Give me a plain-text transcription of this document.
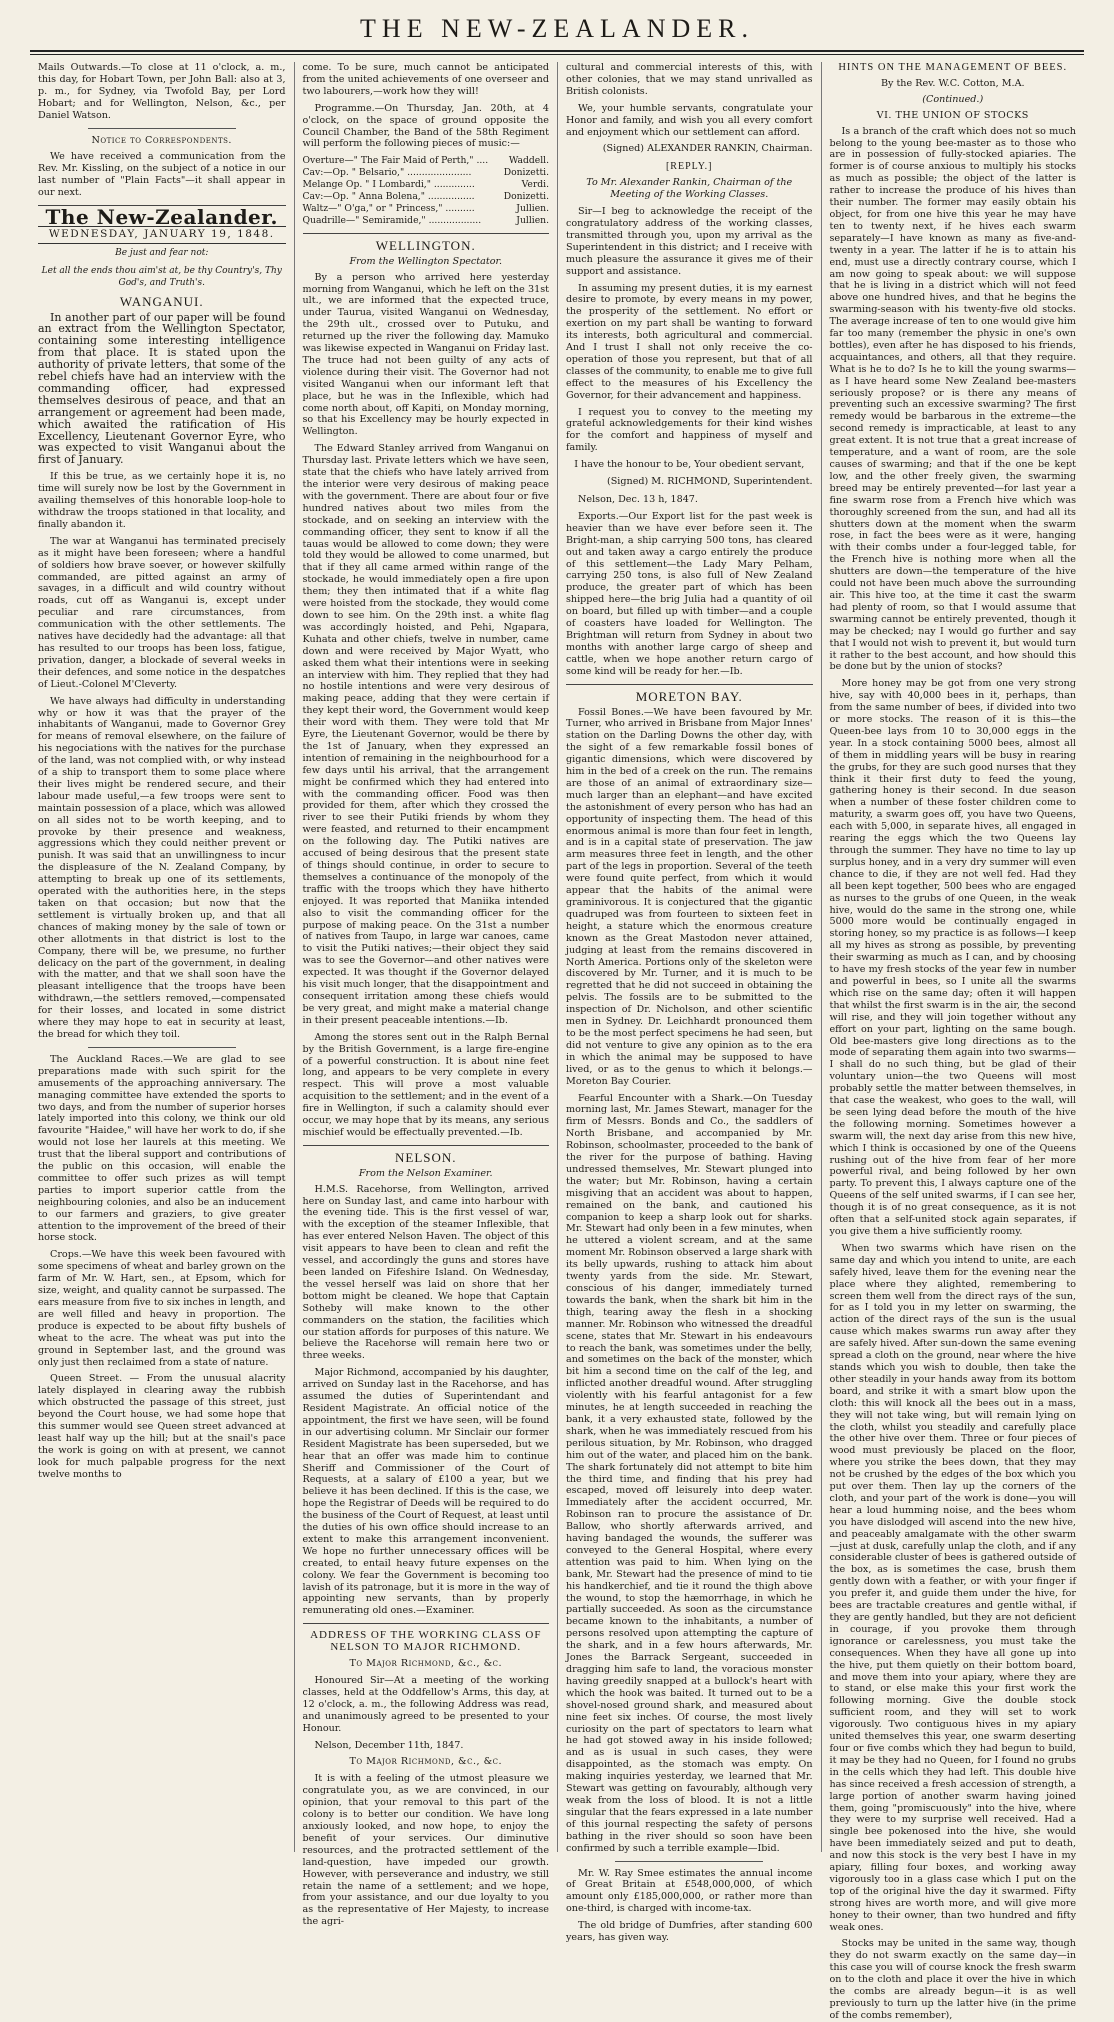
THE NEW-ZEALANDER.

Mails Outwards.—To close at 11 o'clock, a. m., this day, for Hobart Town, per John Ball: also at 3, p. m., for Sydney, via Twofold Bay, per Lord Hobart; and for Wellington, Nelson, &c., per Daniel Watson.

Notice to Correspondents.

We have received a communication from the Rev. Mr. Kissling, on the subject of a notice in our last number of "Plain Facts"—it shall appear in our next.

The New-Zealander.
WEDNESDAY, JANUARY 19, 1848.
Be just and fear not:
Let all the ends thou aim'st at, be thy Country's, Thy God's, and Truth's.
WANGANUI.

In another part of our paper will be found an extract from the Wellington Spectator, containing some interesting intelligence from that place. It is stated upon the authority of private letters, that some of the rebel chiefs have had an interview with the commanding officer, had expressed themselves desirous of peace, and that an arrangement or agreement had been made, which awaited the ratification of His Excellency, Lieutenant Governor Eyre, who was expected to visit Wanganui about the first of January.

If this be true, as we certainly hope it is, no time will surely now be lost by the Government in availing themselves of this honorable loop-hole to withdraw the troops stationed in that locality, and finally abandon it.

The war at Wanganui has terminated precisely as it might have been foreseen; where a handful of soldiers how brave soever, or however skilfully commanded, are pitted against an army of savages, in a difficult and wild country without roads, cut off as Wanganui is, except under peculiar and rare circumstances, from communication with the other settlements. The natives have decidedly had the advantage: all that has resulted to our troops has been loss, fatigue, privation, danger, a blockade of several weeks in their defences, and some notice in the despatches of Lieut.-Colonel M'Cleverty.

We have always had difficulty in understanding why or how it was that the prayer of the inhabitants of Wanganui, made to Governor Grey for means of removal elsewhere, on the failure of his negociations with the natives for the purchase of the land, was not complied with, or why instead of a ship to transport them to some place where their lives might be rendered secure, and their labour made useful,—a few troops were sent to maintain possession of a place, which was allowed on all sides not to be worth keeping, and to provoke by their presence and weakness, aggressions which they could neither prevent or punish. It was said that an unwillingness to incur the displeasure of the N. Zealand Company, by attempting to break up one of its settlements, operated with the authorities here, in the steps taken on that occasion; but now that the settlement is virtually broken up, and that all chances of making money by the sale of town or other allotments in that district is lost to the Company, there will be, we presume, no further delicacy on the part of the government, in dealing with the matter, and that we shall soon have the pleasant intelligence that the troops have been withdrawn,—the settlers removed,—compensated for their losses, and located in some district where they may hope to eat in security at least, the bread for which they toil.

The Auckland Races.—We are glad to see preparations made with such spirit for the amusements of the approaching anniversary. The managing committee have extended the sports to two days, and from the number of superior horses lately imported into this colony, we think our old favourite "Haidee," will have her work to do, if she would not lose her laurels at this meeting. We trust that the liberal support and contributions of the public on this occasion, will enable the committee to offer such prizes as will tempt parties to import superior cattle from the neighbouring colonies, and also be an inducement to our farmers and graziers, to give greater attention to the improvement of the breed of their horse stock.

Crops.—We have this week been favoured with some specimens of wheat and barley grown on the farm of Mr. W. Hart, sen., at Epsom, which for size, weight, and quality cannot be surpassed. The ears measure from five to six inches in length, and are well filled and heavy in proportion. The produce is expected to be about fifty bushels of wheat to the acre. The wheat was put into the ground in September last, and the ground was only just then reclaimed from a state of nature.

Queen Street. — From the unusual alacrity lately displayed in clearing away the rubbish which obstructed the passage of this street, just beyond the Court house, we had some hope that this summer would see Queen street advanced at least half way up the hill; but at the snail's pace the work is going on with at present, we cannot look for much palpable progress for the next twelve months to

come. To be sure, much cannot be anticipated from the united achievements of one overseer and two labourers,—work how they will!

Programme.—On Thursday, Jan. 20th, at 4 o'clock, on the space of ground opposite the Council Chamber, the Band of the 58th Regiment will perform the following pieces of music:—

Overture—" The Fair Maid of Perth," .... Waddell.
Cav:—Op. " Belsario," ......................	Donizetti.
Melange Op. " I Lombardi," ..............	Verdi.
Cav:—Op. " Anna Bolena," ................	Donizetti.
Waltz—" O'ga," or " Princess," ..........	Jullien.
Quadrille—" Semiramide," ..................	Jullien.
WELLINGTON.
From the Wellington Spectator.

By a person who arrived here yesterday morning from Wanganui, which he left on the 31st ult., we are informed that the expected truce, under Taurua, visited Wanganui on Wednesday, the 29th ult., crossed over to Putuku, and returned up the river the following day. Mamuko was likewise expected in Wanganui on Friday last. The truce had not been guilty of any acts of violence during their visit. The Governor had not visited Wanganui when our informant left that place, but he was in the Inflexible, which had come north about, off Kapiti, on Monday morning, so that his Excellency may be hourly expected in Wellington.

The Edward Stanley arrived from Wanganui on Thursday last. Private letters which we have seen, state that the chiefs who have lately arrived from the interior were very desirous of making peace with the government. There are about four or five hundred natives about two miles from the stockade, and on seeking an interview with the commanding officer, they sent to know if all the tauas would be allowed to come down; they were told they would be allowed to come unarmed, but that if they all came armed within range of the stockade, he would immediately open a fire upon them; they then intimated that if a white flag were hoisted from the stockade, they would come down to see him. On the 29th inst. a white flag was accordingly hoisted, and Pehi, Ngapara, Kuhata and other chiefs, twelve in number, came down and were received by Major Wyatt, who asked them what their intentions were in seeking an interview with him. They replied that they had no hostile intentions and were very desirous of making peace, adding that they were certain if they kept their word, the Government would keep their word with them. They were told that Mr Eyre, the Lieutenant Governor, would be there by the 1st of January, when they expressed an intention of remaining in the neighbourhood for a few days until his arrival, that the arrangement might be confirmed which they had entered into with the commanding officer. Food was then provided for them, after which they crossed the river to see their Putiki friends by whom they were feasted, and returned to their encampment on the following day. The Putiki natives are accused of being desirous that the present state of things should continue, in order to secure to themselves a continuance of the monopoly of the traffic with the troops which they have hitherto enjoyed. It was reported that Maniika intended also to visit the commanding officer for the purpose of making peace. On the 31st a number of natives from Taupo, in large war canoes, came to visit the Putiki natives;—their object they said was to see the Governor—and other natives were expected. It was thought if the Governor delayed his visit much longer, that the disappointment and consequent irritation among these chiefs would be very great, and might make a material change in their present peaceable intentions.—Ib.

Among the stores sent out in the Ralph Bernal by the British Government, is a large fire-engine of a powerful construction. It is about nine feet long, and appears to be very complete in every respect. This will prove a most valuable acquisition to the settlement; and in the event of a fire in Wellington, if such a calamity should ever occur, we may hope that by its means, any serious mischief would be effectually prevented.—Ib.

NELSON.
From the Nelson Examiner.

H.M.S. Racehorse, from Wellington, arrived here on Sunday last, and came into harbour with the evening tide. This is the first vessel of war, with the exception of the steamer Inflexible, that has ever entered Nelson Haven. The object of this visit appears to have been to clean and refit the vessel, and accordingly the guns and stores have been landed on Fifeshire Island. On Wednesday, the vessel herself was laid on shore that her bottom might be cleaned. We hope that Captain Sotheby will make known to the other commanders on the station, the facilities which our station affords for purposes of this nature. We believe the Racehorse will remain here two or three weeks.

Major Richmond, accompanied by his daughter, arrived on Sunday last in the Racehorse, and has assumed the duties of Superintendant and Resident Magistrate. An official notice of the appointment, the first we have seen, will be found in our advertising column. Mr Sinclair our former Resident Magistrate has been superseded, but we hear that an offer was made him to continue Sheriff and Commissioner of the Court of Requests, at a salary of £100 a year, but we believe it has been declined. If this is the case, we hope the Registrar of Deeds will be required to do the business of the Court of Request, at least until the duties of his own office should increase to an extent to make this arrangement inconvenient. We hope no further unnecessary offices will be created, to entail heavy future expenses on the colony. We fear the Government is becoming too lavish of its patronage, but it is more in the way of appointing new servants, than by properly remunerating old ones.—Examiner.

ADDRESS OF THE WORKING CLASS OF NELSON TO MAJOR RICHMOND.

To Major Richmond, &c., &c.

Honoured Sir—At a meeting of the working classes, held at the Oddfellow's Arms, this day, at 12 o'clock, a. m., the following Address was read, and unanimously agreed to be presented to your Honour.

Nelson, December 11th, 1847.

To Major Richmond, &c., &c.

It is with a feeling of the utmost pleasure we congratulate you, as we are convinced, in our opinion, that your removal to this part of the colony is to better our condition. We have long anxiously looked, and now hope, to enjoy the benefit of your services. Our diminutive resources, and the protracted settlement of the land-question, have impeded our growth. However, with perseverance and industry, we still retain the name of a settlement; and we hope, from your assistance, and our due loyalty to you as the representative of Her Majesty, to increase the agri-

cultural and commercial interests of this, with other colonies, that we may stand unrivalled as British colonists.

We, your humble servants, congratulate your Honor and family, and wish you all every comfort and enjoyment which our settlement can afford.

(Signed) ALEXANDER RANKIN, Chairman.
[REPLY.]

To Mr. Alexander Rankin, Chairman of the Meeting of the Working Classes.

Sir—I beg to acknowledge the receipt of the congratulatory address of the working classes, transmitted through you, upon my arrival as the Superintendent in this district; and I receive with much pleasure the assurance it gives me of their support and assistance.

In assuming my present duties, it is my earnest desire to promote, by every means in my power, the prosperity of the settlement. No effort or exertion on my part shall be wanting to forward its interests, both agricultural and commercial. And I trust I shall not only receive the co-operation of those you represent, but that of all classes of the community, to enable me to give full effect to the measures of his Excellency the Governor, for their advancement and happiness.

I request you to convey to the meeting my grateful acknowledgements for their kind wishes for the comfort and happiness of myself and family.

I have the honour to be, Your obedient servant,

(Signed) M. RICHMOND, Superintendent.

Nelson, Dec. 13 h, 1847.

Exports.—Our Export list for the past week is heavier than we have ever before seen it. The Bright-man, a ship carrying 500 tons, has cleared out and taken away a cargo entirely the produce of this settlement—the Lady Mary Pelham, carrying 250 tons, is also full of New Zealand produce, the greater part of which has been shipped here—the brig Julia had a quantity of oil on board, but filled up with timber—and a couple of coasters have loaded for Wellington. The Brightman will return from Sydney in about two months with another large cargo of sheep and cattle, when we hope another return cargo of some kind will be ready for her.—Ib.

MORETON BAY.

Fossil Bones.—We have been favoured by Mr. Turner, who arrived in Brisbane from Major Innes' station on the Darling Downs the other day, with the sight of a few remarkable fossil bones of gigantic dimensions, which were discovered by him in the bed of a creek on the run. The remains are those of an animal of extraordinary size—much larger than an elephant—and have excited the astonishment of every person who has had an opportunity of inspecting them. The head of this enormous animal is more than four feet in length, and is in a capital state of preservation. The jaw arm measures three feet in length, and the other part of the legs in proportion. Several of the teeth were found quite perfect, from which it would appear that the habits of the animal were graminivorous. It is conjectured that the gigantic quadruped was from fourteen to sixteen feet in height, a stature which the enormous creature known as the Great Mastodon never attained, judging at least from the remains discovered in North America. Portions only of the skeleton were discovered by Mr. Turner, and it is much to be regretted that he did not succeed in obtaining the pelvis. The fossils are to be submitted to the inspection of Dr. Nicholson, and other scientific men in Sydney. Dr. Leichhardt pronounced them to be the most perfect specimens he had seen, but did not venture to give any opinion as to the era in which the animal may be supposed to have lived, or as to the genus to which it belongs.—Moreton Bay Courier.

Fearful Encounter with a Shark.—On Tuesday morning last, Mr. James Stewart, manager for the firm of Messrs. Bonds and Co., the saddlers of North Brisbane, and accompanied by Mr. Robinson, schoolmaster, proceeded to the bank of the river for the purpose of bathing. Having undressed themselves, Mr. Stewart plunged into the water; but Mr. Robinson, having a certain misgiving that an accident was about to happen, remained on the bank, and cautioned his companion to keep a sharp look out for sharks. Mr. Stewart had only been in a few minutes, when he uttered a violent scream, and at the same moment Mr. Robinson observed a large shark with its belly upwards, rushing to attack him about twenty yards from the side. Mr. Stewart, conscious of his danger, immediately turned towards the bank, when the shark bit him in the thigh, tearing away the flesh in a shocking manner. Mr. Robinson who witnessed the dreadful scene, states that Mr. Stewart in his endeavours to reach the bank, was sometimes under the belly, and sometimes on the back of the monster, which bit him a second time on the calf of the leg, and inflicted another dreadful wound. After struggling violently with his fearful antagonist for a few minutes, he at length succeeded in reaching the bank, it a very exhausted state, followed by the shark, when he was immediately rescued from his perilous situation, by Mr. Robinson, who dragged him out of the water, and placed him on the bank. The shark fortunately did not attempt to bite him the third time, and finding that his prey had escaped, moved off leisurely into deep water. Immediately after the accident occurred, Mr. Robinson ran to procure the assistance of Dr. Ballow, who shortly afterwards arrived, and having bandaged the wounds, the sufferer was conveyed to the General Hospital, where every attention was paid to him. When lying on the bank, Mr. Stewart had the presence of mind to tie his handkerchief, and tie it round the thigh above the wound, to stop the hæmorrhage, in which he partially succeeded. As soon as the circumstance became known to the inhabitants, a number of persons resolved upon attempting the capture of the shark, and in a few hours afterwards, Mr. Jones the Barrack Sergeant, succeeded in dragging him safe to land, the voracious monster having greedily snapped at a bullock's heart with which the hook was baited. It turned out to be a shovel-nosed ground shark, and measured about nine feet six inches. Of course, the most lively curiosity on the part of spectators to learn what he had got stowed away in his inside followed; and as is usual in such cases, they were disappointed, as the stomach was empty. On making inquiries yesterday, we learned that Mr. Stewart was getting on favourably, although very weak from the loss of blood. It is not a little singular that the fears expressed in a late number of this journal respecting the safety of persons bathing in the river should so soon have been confirmed by such a terrible example—Ibid.

Mr. W. Ray Smee estimates the annual income of Great Britain at £548,000,000, of which amount only £185,000,000, or rather more than one-third, is charged with income-tax.

The old bridge of Dumfries, after standing 600 years, has given way.

HINTS ON THE MANAGEMENT OF BEES.
By the Rev. W.C. Cotton, M.A.
(Continued.)
VI. THE UNION OF STOCKS

Is a branch of the craft which does not so much belong to the young bee-master as to those who are in possession of fully-stocked apiaries. The former is of course anxious to multiply his stocks as much as possible; the object of the latter is rather to increase the produce of his hives than their number. The former may easily obtain his object, for from one hive this year he may have ten to twenty next, if he hives each swarm separately—I have known as many as five-and-twenty in a year. The latter if he is to attain his end, must use a directly contrary course, which I am now going to speak about: we will suppose that he is living in a district which will not feed above one hundred hives, and that he begins the swarming-season with his twenty-five old stocks. The average increase of ten to one would give him far too many (remember the physic in one's own bottles), even after he has disposed to his friends, acquaintances, and others, all that they require. What is he to do? Is he to kill the young swarms—as I have heard some New Zealand bee-masters seriously propose? or is there any means of preventing such an excessive swarming? The first remedy would be barbarous in the extreme—the second remedy is impracticable, at least to any great extent. It is not true that a great increase of temperature, and a want of room, are the sole causes of swarming; and that if the one be kept low, and the other freely given, the swarming breed may be entirely prevented—for last year a fine swarm rose from a French hive which was thoroughly screened from the sun, and had all its shutters down at the moment when the swarm rose, in fact the bees were as it were, hanging with their combs under a four-legged table, for the French hive is nothing more when all the shutters are down—the temperature of the hive could not have been much above the surrounding air. This hive too, at the time it cast the swarm had plenty of room, so that I would assume that swarming cannot be entirely prevented, though it may be checked; nay I would go further and say that I would not wish to prevent it, but would turn it rather to the best account, and how should this be done but by the union of stocks?

More honey may be got from one very strong hive, say with 40,000 bees in it, perhaps, than from the same number of bees, if divided into two or more stocks. The reason of it is this—the Queen-bee lays from 10 to 30,000 eggs in the year. In a stock containing 5000 bees, almost all of them in middling years will be busy in rearing the grubs, for they are such good nurses that they think it their first duty to feed the young, gathering honey is their second. In due season when a number of these foster children come to maturity, a swarm goes off, you have two Queens, each with 5,000, in separate hives, all engaged in rearing the eggs which the two Queens lay through the summer. They have no time to lay up surplus honey, and in a very dry summer will even chance to die, if they are not well fed. Had they all been kept together, 500 bees who are engaged as nurses to the grubs of one Queen, in the weak hive, would do the same in the strong one, while 5000 more would be continually engaged in storing honey, so my practice is as follows—I keep all my hives as strong as possible, by preventing their swarming as much as I can, and by choosing to have my fresh stocks of the year few in number and powerful in bees, so I unite all the swarms which rise on the same day; often it will happen that whilst the first swarm is in the air, the second will rise, and they will join together without any effort on your part, lighting on the same bough. Old bee-masters give long directions as to the mode of separating them again into two swarms—I shall do no such thing, but be glad of their voluntary union—the two Queens will most probably settle the matter between themselves, in that case the weakest, who goes to the wall, will be seen lying dead before the mouth of the hive the following morning. Sometimes however a swarm will, the next day arise from this new hive, which I think is occasioned by one of the Queens rushing out of the hive from fear of her more powerful rival, and being followed by her own party. To prevent this, I always capture one of the Queens of the self united swarms, if I can see her, though it is of no great consequence, as it is not often that a self-united stock again separates, if you give them a hive sufficiently roomy.

When two swarms which have risen on the same day and which you intend to unite, are each safely hived, leave them for the evening near the place where they alighted, remembering to screen them well from the direct rays of the sun, for as I told you in my letter on swarming, the action of the direct rays of the sun is the usual cause which makes swarms run away after they are safely hived. After sun-down the same evening spread a cloth on the ground, near where the hive stands which you wish to double, then take the other steadily in your hands away from its bottom board, and strike it with a smart blow upon the cloth: this will knock all the bees out in a mass, they will not take wing, but will remain lying on the cloth, whilst you steadily and carefully place the other hive over them. Three or four pieces of wood must previously be placed on the floor, where you strike the bees down, that they may not be crushed by the edges of the box which you put over them. Then lay up the corners of the cloth, and your part of the work is done—you will hear a loud humming noise, and the bees whom you have dislodged will ascend into the new hive, and peaceably amalgamate with the other swarm—just at dusk, carefully unlap the cloth, and if any considerable cluster of bees is gathered outside of the box, as is sometimes the case, brush them gently down with a feather, or with your finger if you prefer it, and guide them under the hive, for bees are tractable creatures and gentle withal, if they are gently handled, but they are not deficient in courage, if you provoke them through ignorance or carelessness, you must take the consequences. When they have all gone up into the hive, put them quietly on their bottom board, and move them into your apiary, where they are to stand, or else make this your first work the following morning. Give the double stock sufficient room, and they will set to work vigorously. Two contiguous hives in my apiary united themselves this year, one swarm deserting four or five combs which they had begun to build, it may be they had no Queen, for I found no grubs in the cells which they had left. This double hive has since received a fresh accession of strength, a large portion of another swarm having joined them, going "promiscuously" into the hive, where they were to my surprise well received. Had a single bee pokenosed into the hive, she would have been immediately seized and put to death, and now this stock is the very best I have in my apiary, filling four boxes, and working away vigorously too in a glass case which I put on the top of the original hive the day it swarmed. Fifty strong hives are worth more, and will give more honey to their owner, than two hundred and fifty weak ones.

Stocks may be united in the same way, though they do not swarm exactly on the same day—in this case you will of course knock the fresh swarm on to the cloth and place it over the hive in which the combs are already begun—it is as well previously to turn up the latter hive (in the prime of the combs remember),
